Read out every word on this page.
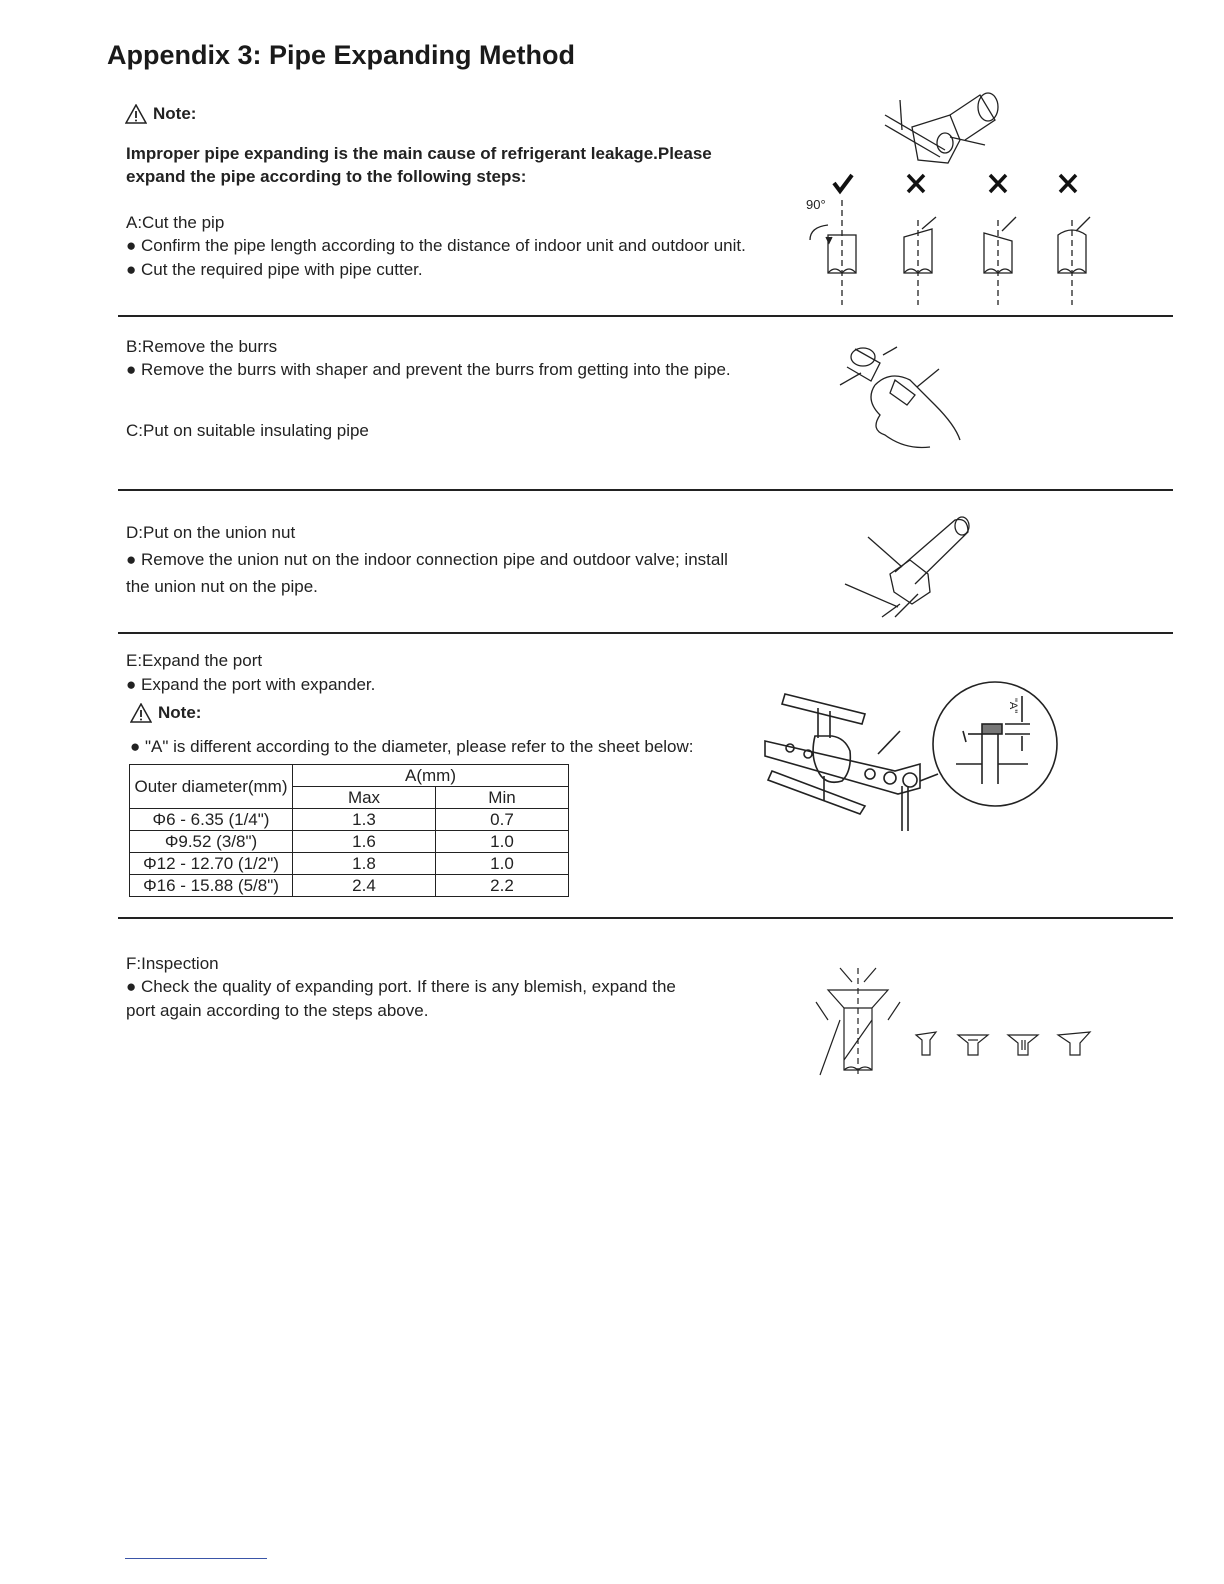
Appendix 3: Pipe Expanding Method
Note:
Improper pipe expanding is the main cause of refrigerant leakage.Please
expand the pipe according to the following steps:
A:Cut the pip
● Confirm the pipe length according to the distance of indoor unit and outdoor unit.
● Cut the required pipe with pipe cutter.
90°
B:Remove the burrs
● Remove the burrs with shaper and prevent the burrs from getting into the pipe.
C:Put on suitable insulating pipe
D:Put on the union nut
● Remove the union nut on the indoor connection pipe and outdoor valve; install
the union nut on the pipe.
E:Expand the port
● Expand the port with expander.
Note:
● "A" is different according to the diameter, please refer to the sheet below:
Outer diameter(mm)	A(mm)	
	Max	Min
Φ6 - 6.35 (1/4")	1.3	0.7
Φ9.52 (3/8")	1.6	1.0
Φ12 - 12.70 (1/2")	1.8	1.0
Φ16 - 15.88 (5/8")	2.4	2.2
"A"
F:Inspection
● Check the quality of expanding port. If there is any blemish, expand the
port again according to the steps above.
